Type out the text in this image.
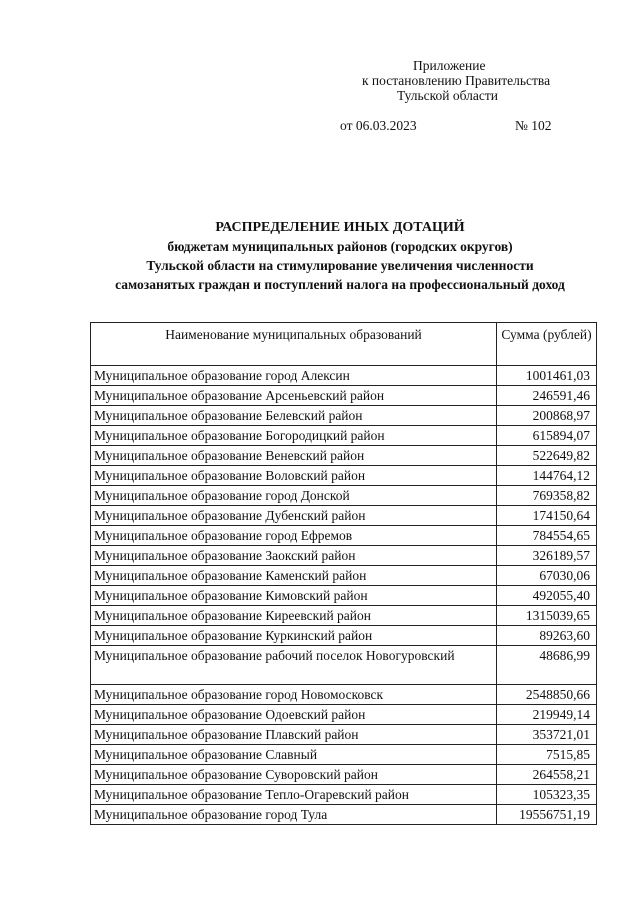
Приложение
к постановлению Правительства
Тульской области
от 06.03.2023	№ 102
РАСПРЕДЕЛЕНИЕ ИНЫХ ДОТАЦИЙ
бюджетам муниципальных районов (городских округов)
Тульской области на стимулирование увеличения численности
самозанятых граждан и поступлений налога на профессиональный доход
Наименование муниципальных образований	Сумма (рублей)
Муниципальное образование город Алексин	1001461,03
Муниципальное образование Арсеньевский район	246591,46
Муниципальное образование Белевский район	200868,97
Муниципальное образование Богородицкий район	615894,07
Муниципальное образование Веневский район	522649,82
Муниципальное образование Воловский район	144764,12
Муниципальное образование город Донской	769358,82
Муниципальное образование Дубенский район	174150,64
Муниципальное образование город Ефремов	784554,65
Муниципальное образование Заокский район	326189,57
Муниципальное образование Каменский район	67030,06
Муниципальное образование Кимовский район	492055,40
Муниципальное образование Киреевский район	1315039,65
Муниципальное образование Куркинский район	89263,60
Муниципальное образование рабочий поселок Новогуровский	48686,99
Муниципальное образование город Новомосковск	2548850,66
Муниципальное образование Одоевский район	219949,14
Муниципальное образование Плавский район	353721,01
Муниципальное образование Славный	7515,85
Муниципальное образование Суворовский район	264558,21
Муниципальное образование Тепло-Огаревский район	105323,35
Муниципальное образование город Тула	19556751,19
